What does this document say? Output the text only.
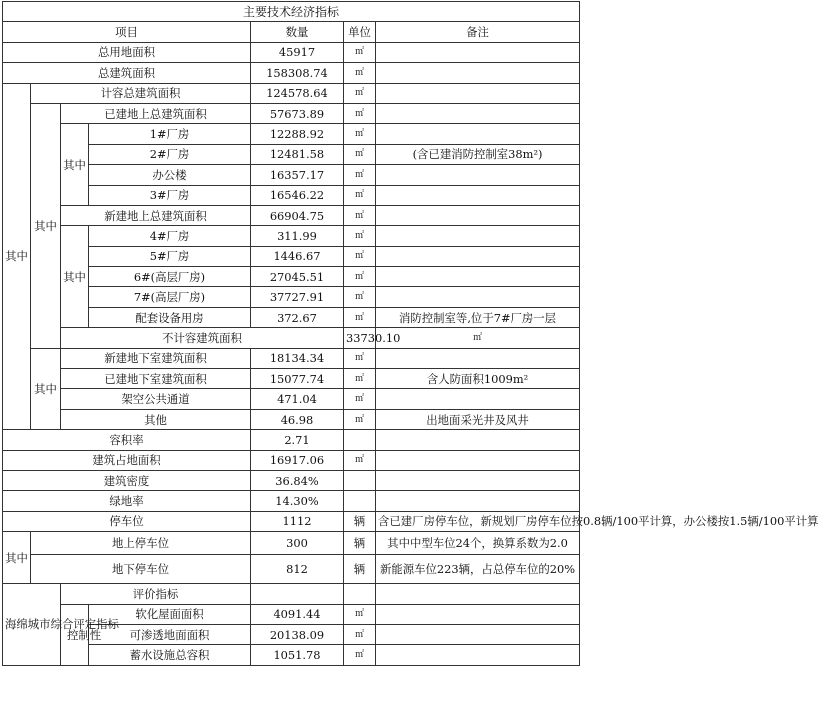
主要技术经济指标							
项目				数量	单位	备注	
总用地面积				45917	㎡		
总建筑面积				158308.74	㎡		
其中	计容总建筑面积			124578.64	㎡		
	其中	已建地上总建筑面积		57673.89	㎡		
		其中	1#厂房	12288.92	㎡		
			2#厂房	12481.58	㎡	(含已建消防控制室38m²)	
			办公楼	16357.17	㎡		
			3#厂房	16546.22	㎡		
		新建地上总建筑面积		66904.75	㎡		
		其中	4#厂房	311.99	㎡		
			5#厂房	1446.67	㎡		
			6#(高层厂房)	27045.51	㎡		
			7#(高层厂房)	37727.91	㎡		
			配套设备用房	372.67	㎡	消防控制室等,位于7#厂房一层	
		不计容建筑面积			33730.10	㎡	
	其中	新建地下室建筑面积		18134.34	㎡		
		已建地下室建筑面积		15077.74	㎡	含人防面积1009m²	
		架空公共通道		471.04	㎡		
		其他		46.98	㎡	出地面采光井及风井	
容积率				2.71			
建筑占地面积				16917.06	㎡		
建筑密度				36.84%			
绿地率				14.30%			
停车位				1112	辆	含已建厂房停车位，新规划厂房停车位按0.8辆/100平计算，办公楼按1.5辆/100平计算	
其中	地上停车位			300	辆	其中中型车位24个，换算系数为2.0	
	地下停车位			812	辆	新能源车位223辆，占总停车位的20%	
海绵城市综合评定指标		评价指标					
		控制性	软化屋面面积	4091.44	㎡		
			可渗透地面面积	20138.09	㎡		
			蓄水设施总容积	1051.78	㎡		
